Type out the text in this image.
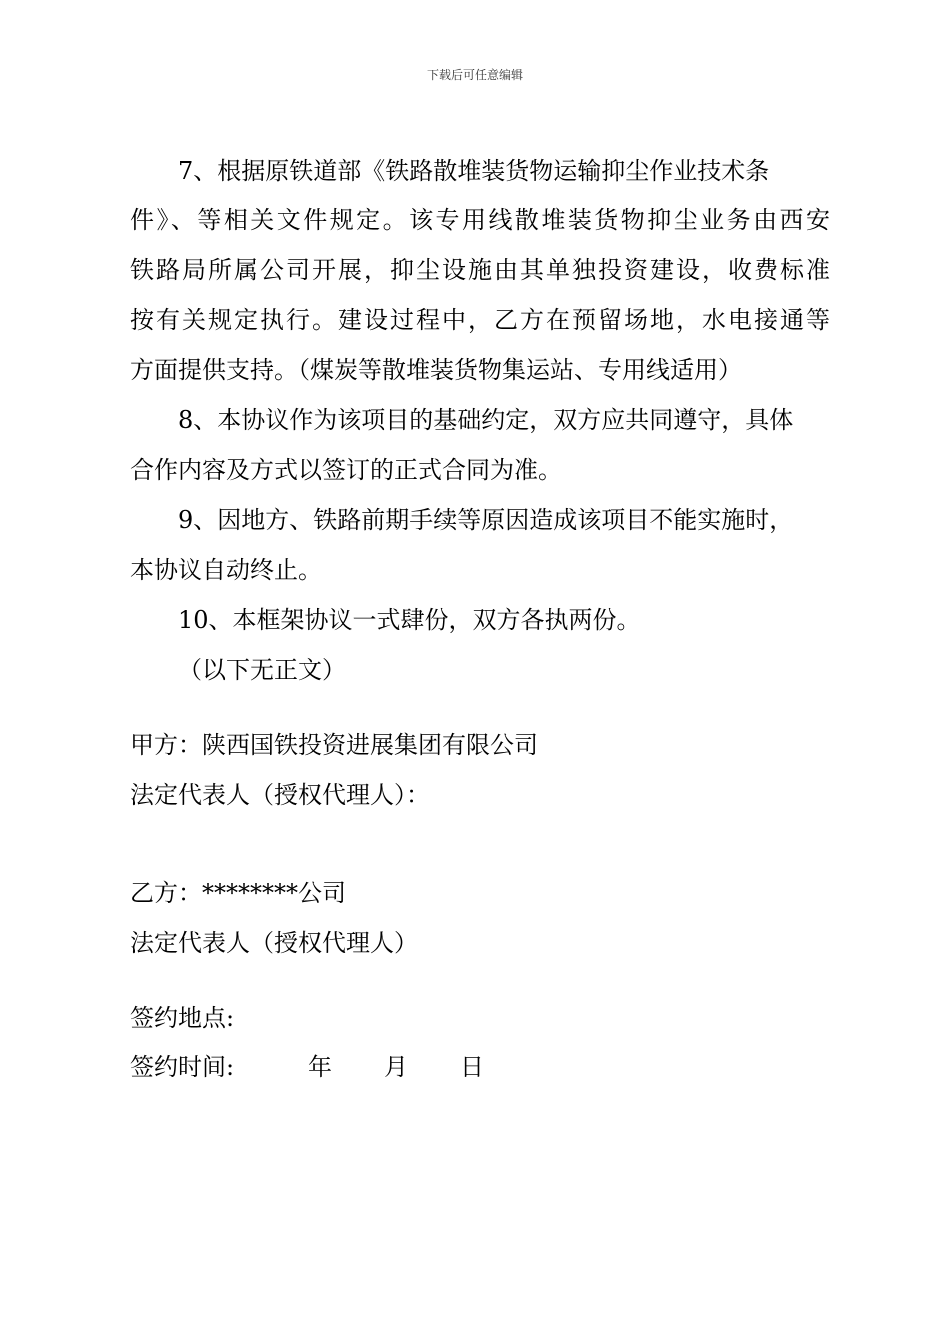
下载后可任意编辑
7、根据原铁道部《铁路散堆装货物运输抑尘作业技术条
件》、等相关文件规定。该专用线散堆装货物抑尘业务由西安
铁路局所属公司开展，抑尘设施由其单独投资建设，收费标准
按有关规定执行。建设过程中，乙方在预留场地，水电接通等
方面提供支持。（煤炭等散堆装货物集运站、专用线适用）
8、本协议作为该项目的基础约定，双方应共同遵守，具体
合作内容及方式以签订的正式合同为准。
9、因地方、铁路前期手续等原因造成该项目不能实施时，
本协议自动终止。
10、本框架协议一式肆份，双方各执两份。
（以下无正文）
甲方：陕西国铁投资进展集团有限公司
法定代表人（授权代理人）：
乙方：********公司
法定代表人（授权代理人）
签约地点:
签约时间:	年 月 日
